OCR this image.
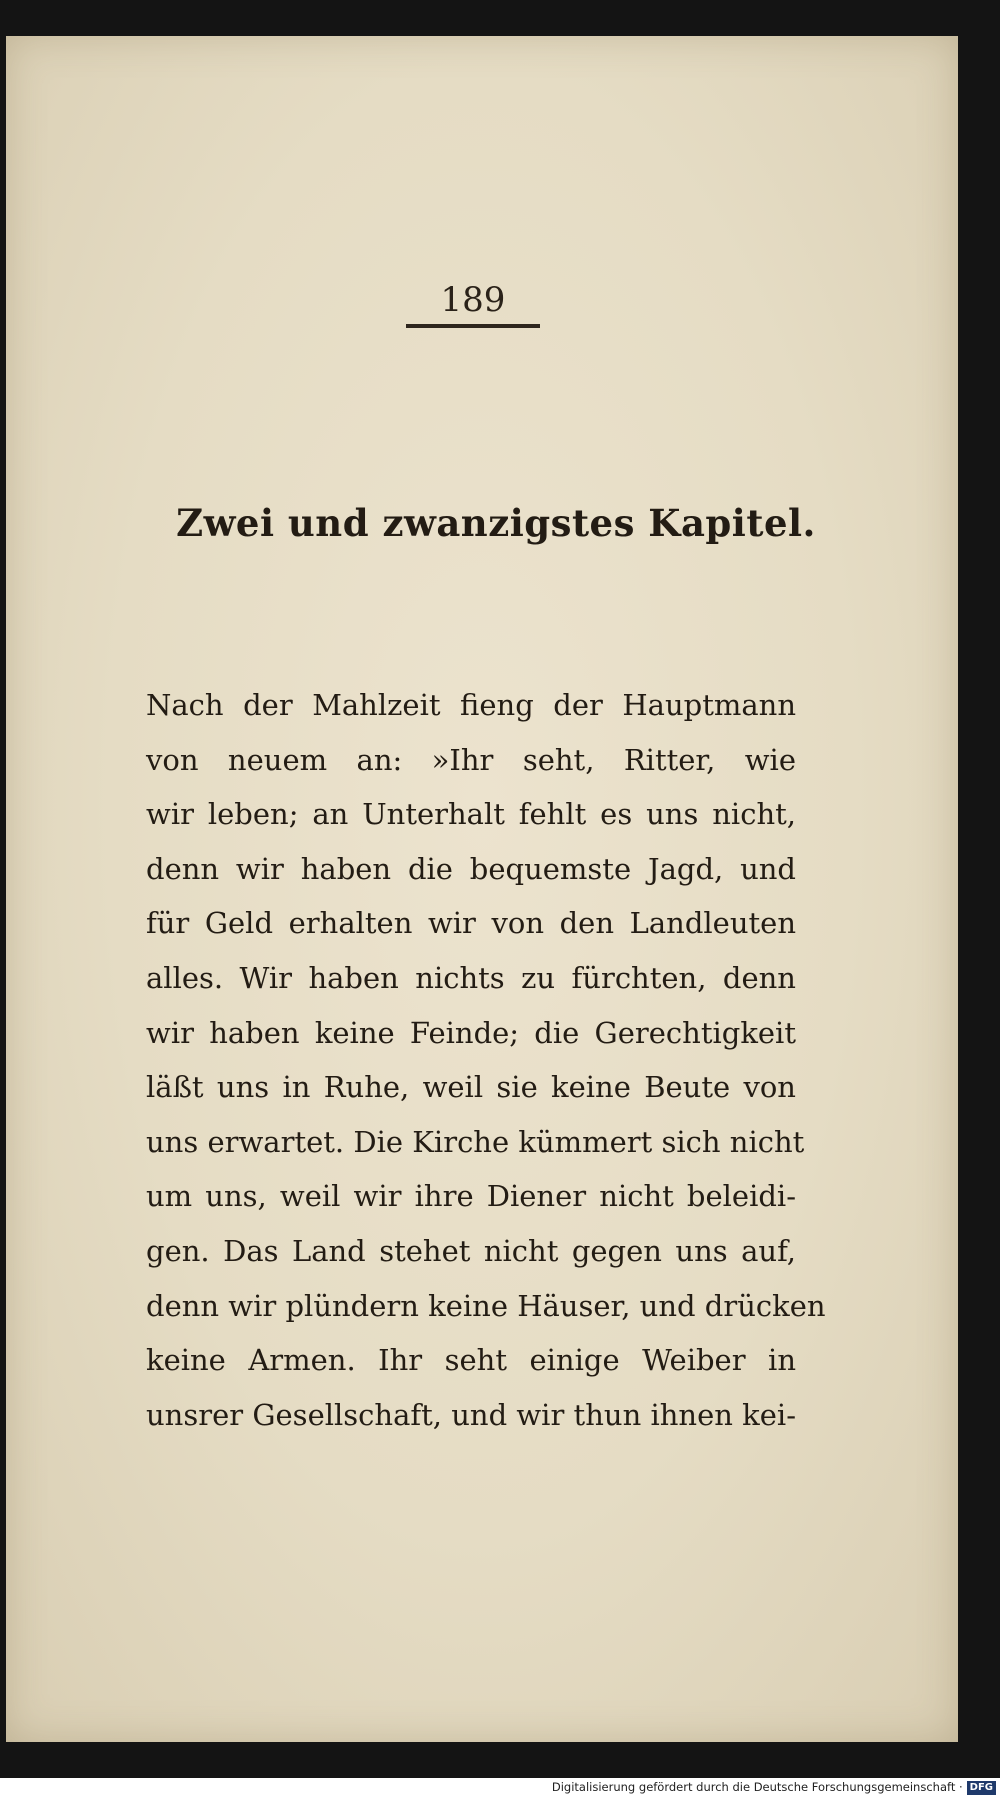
189
Zwei und zwanzigstes Kapitel.
Nach der Mahlzeit fieng der Hauptmann
von neuem an: »Ihr seht, Ritter, wie
wir leben; an Unterhalt fehlt es uns nicht,
denn wir haben die bequemste Jagd, und
für Geld erhalten wir von den Landleuten
alles. Wir haben nichts zu fürchten, denn
wir haben keine Feinde; die Gerechtigkeit
läßt uns in Ruhe, weil sie keine Beute von
uns erwartet. Die Kirche kümmert sich nicht
um uns, weil wir ihre Diener nicht beleidi-
gen. Das Land stehet nicht gegen uns auf,
denn wir plündern keine Häuser, und drücken
keine Armen. Ihr seht einige Weiber in
unsrer Gesellschaft, und wir thun ihnen kei-
Digitalisierung gefördert durch die Deutsche Forschungsgemeinschaft · DFG
